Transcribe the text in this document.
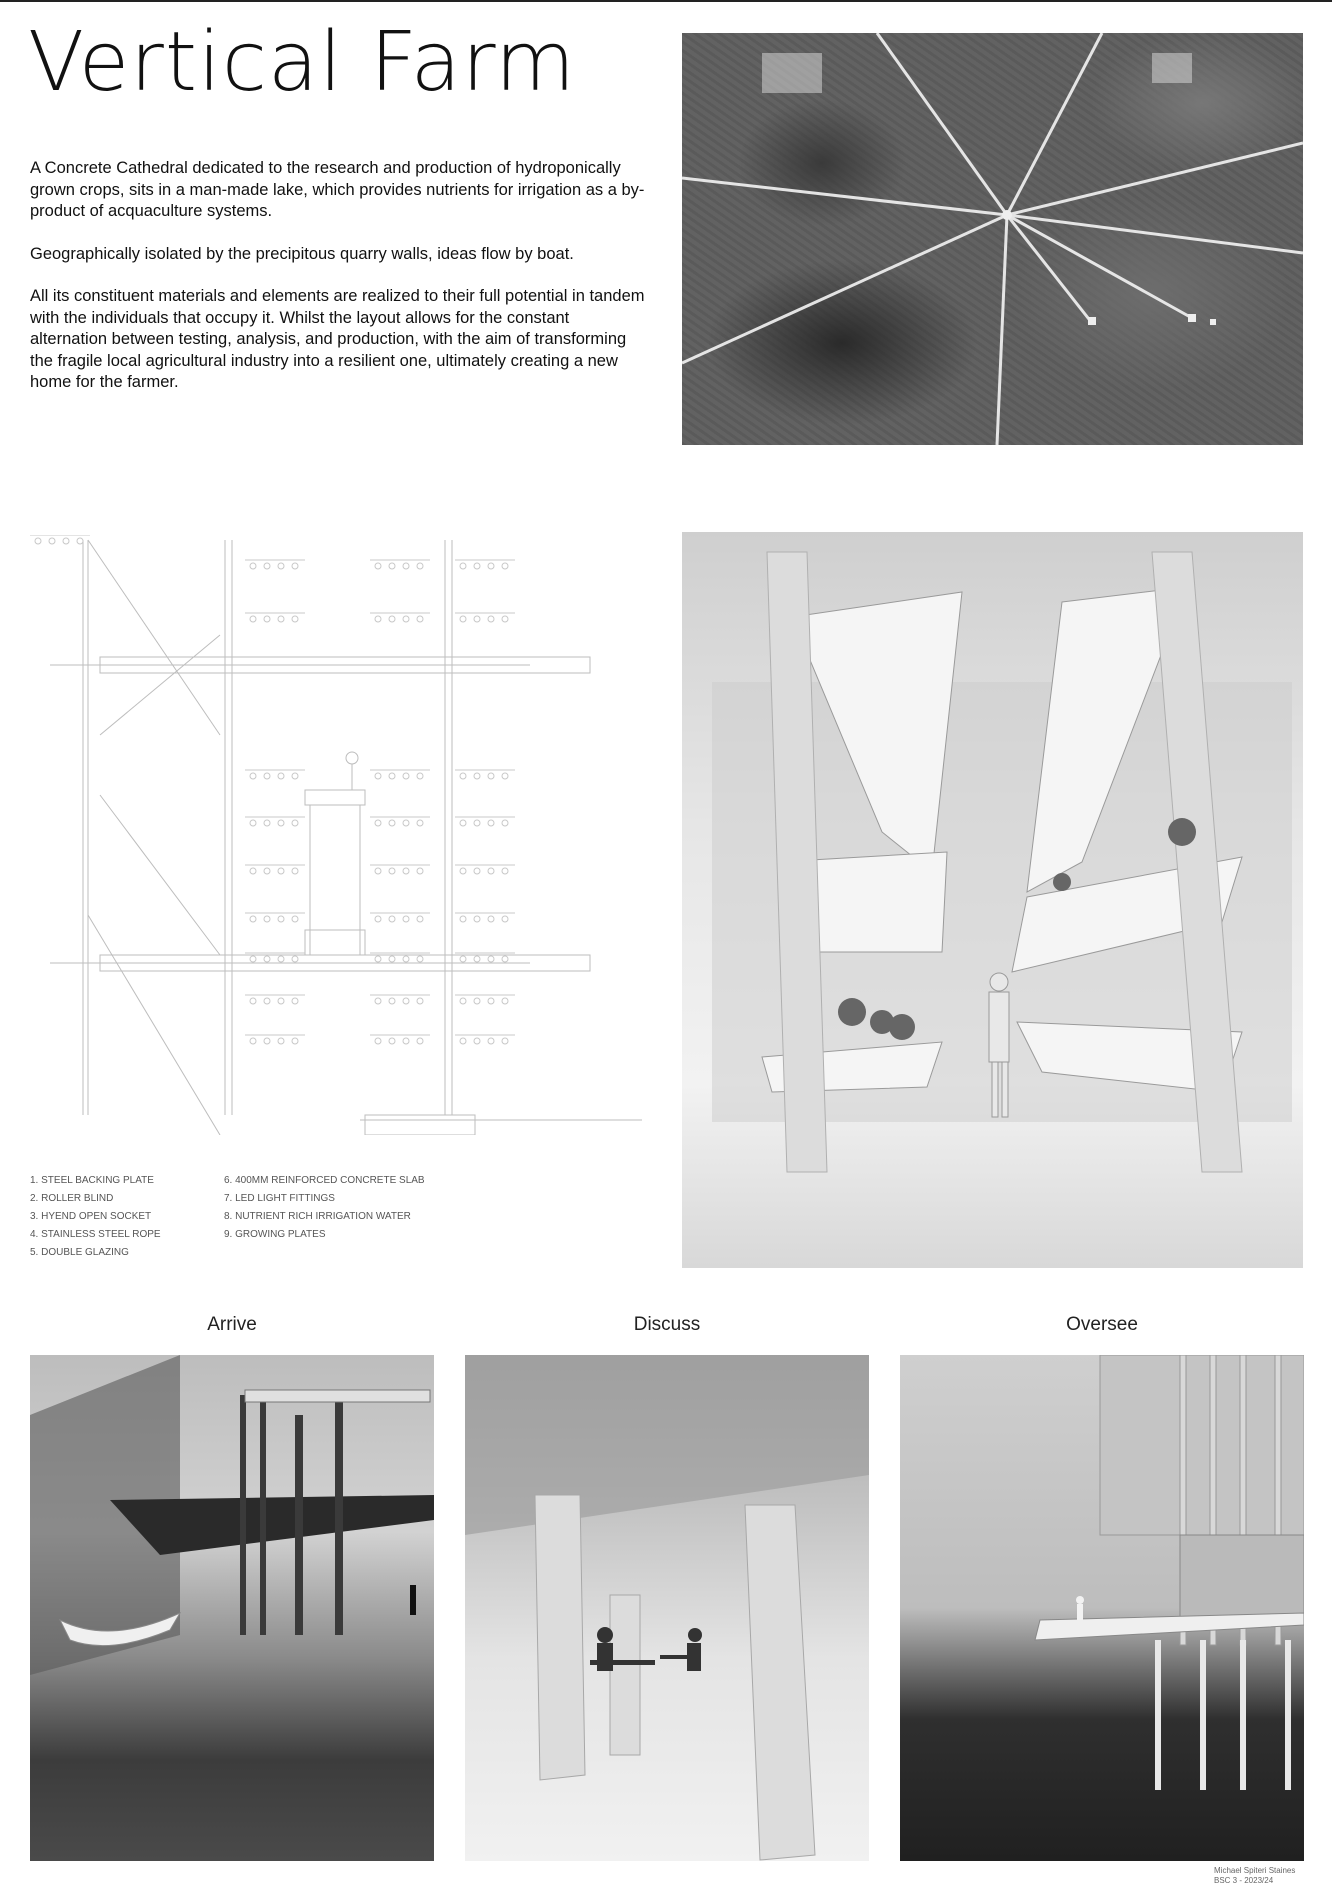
Vertical Farm

A Concrete Cathedral dedicated to the research and production of hydroponically grown crops, sits in a man-made lake, which provides nutrients for irrigation as a by-product of acquaculture systems.

Geographically isolated by the precipitous quarry walls, ideas flow by boat.

All its constituent materials and elements are realized to their full potential in tandem with the individuals that occupy it. Whilst the layout allows for the constant alternation between testing, analysis, and production, with the aim of transforming the fragile local agricultural industry into a resilient one, ultimately creating a new home for the farmer.

1. STEEL BACKING PLATE
2. ROLLER BLIND
3. HYEND OPEN SOCKET
4. STAINLESS STEEL ROPE
5. DOUBLE GLAZING
6. 400MM REINFORCED CONCRETE SLAB
7. LED LIGHT FITTINGS
8. NUTRIENT RICH IRRIGATION WATER
9. GROWING PLATES
Arrive	Discuss	Oversee
Michael Spiteri Staines
BSC 3 - 2023/24
